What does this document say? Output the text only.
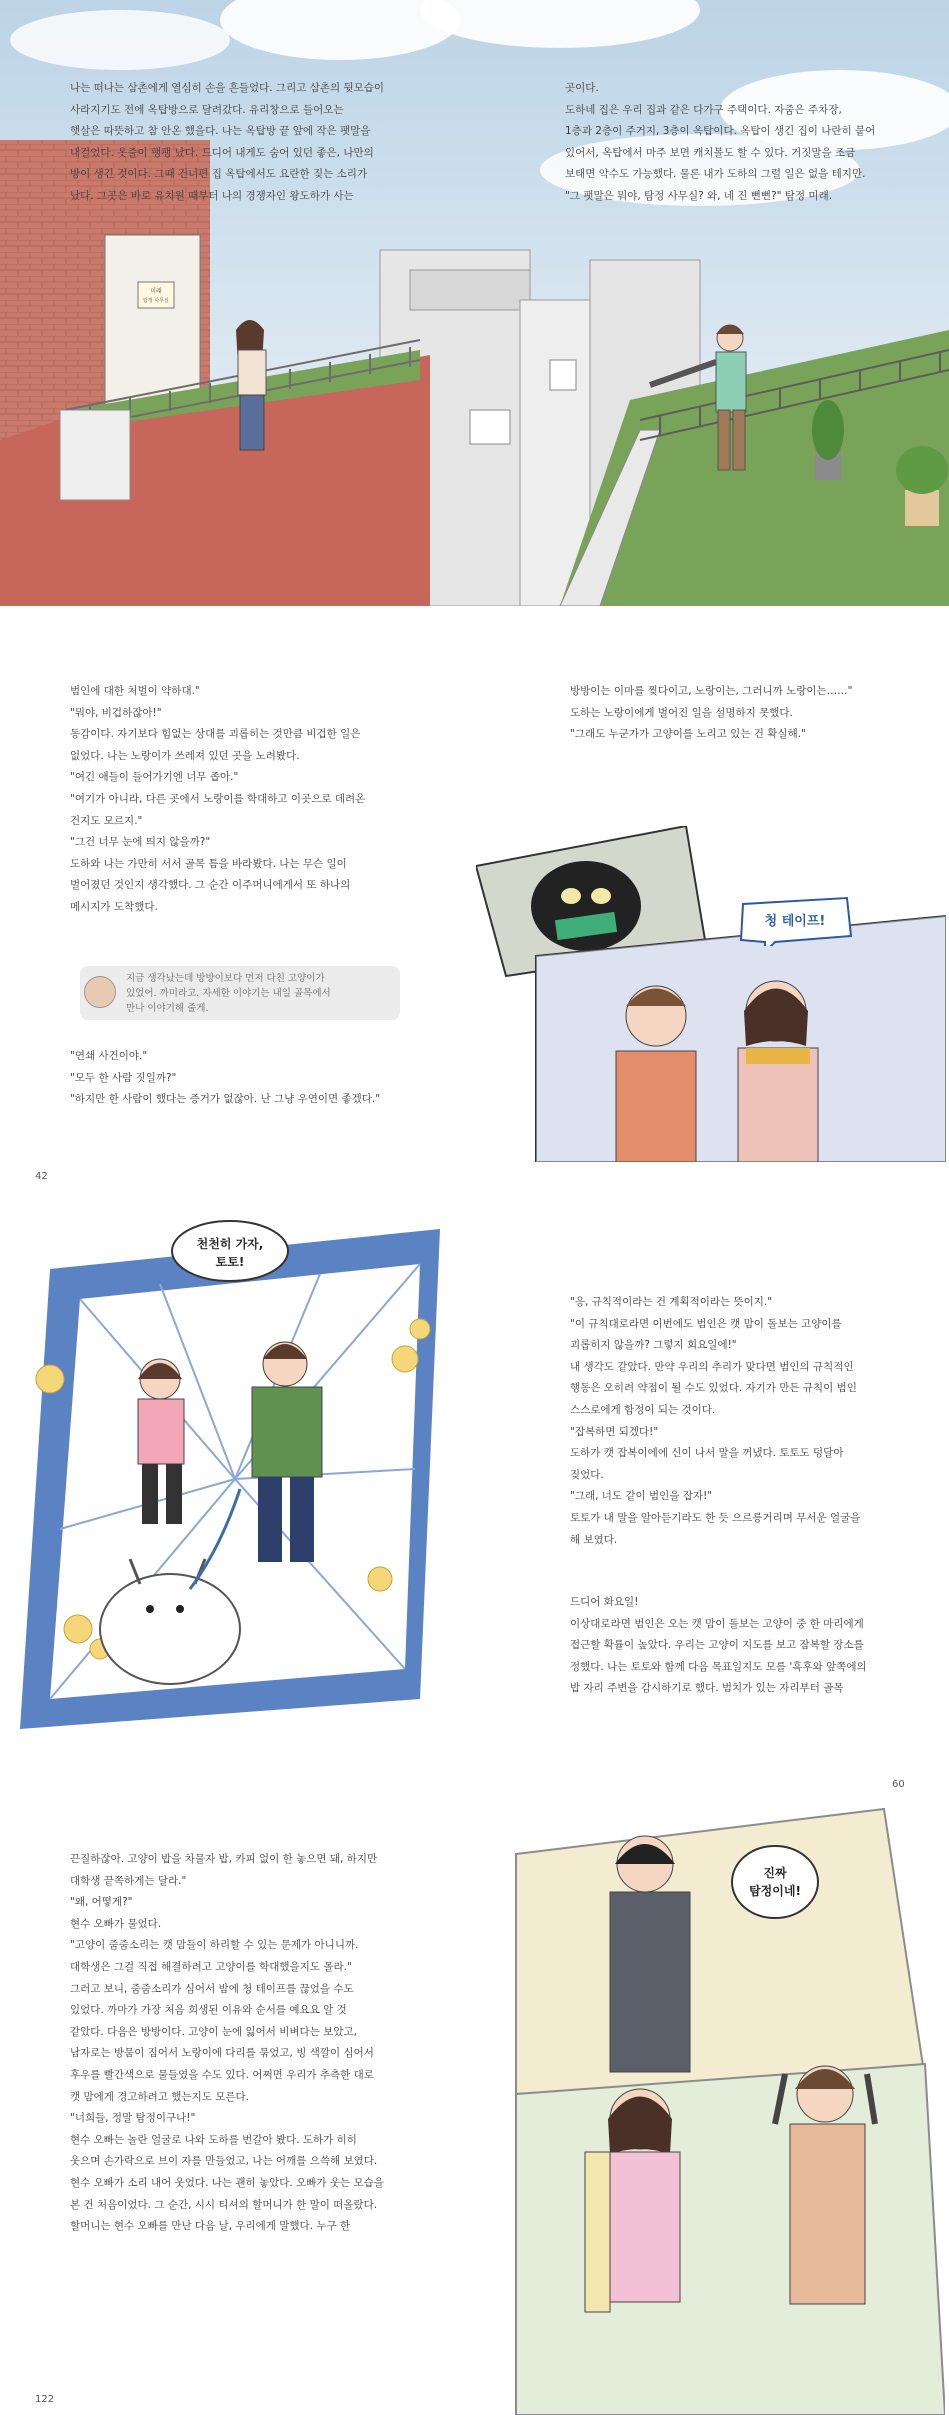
미래
탐정 사무실

나는 떠나는 삼촌에게 열심히 손을 흔들었다. 그리고 삼촌의 뒷모습이

사라지기도 전에 옥탑방으로 달려갔다. 유리창으로 들어오는

햇살은 따뜻하고 참 안온 했을다. 나는 옥탑방 끝 앞에 작은 팻말을

내걸었다. 옷줄이 팽팽 났다. 드디어 내게도 숨어 있던 좋은, 나만의

방이 생긴 것이다. 그때 건너편 집 옥탑에서도 요란한 짖는 소리가

났다. 그곳은 바로 유치원 때부터 나의 경쟁자인 왕도하가 사는

곳이다.

도하네 집은 우리 집과 같은 다가구 주택이다. 자줌은 주차장,

1층과 2층이 주거지, 3층이 옥탑이다. 옥탑이 생긴 집이 나란히 붙어

있어서, 옥탑에서 마주 보면 캐치볼도 할 수 있다. 거짓말을 조금

보태면 악수도 가능했다. 물론 내가 도하의 그럴 일은 없을 테지만.

"그 팻말은 뭐야, 탐정 사무실? 와, 네 진 뻔뻔?" 탐정 미래.

범인에 대한 처벌이 약하대."

"뭐야, 비겁하잖아!"

동감이다. 자기보다 힘없는 상대를 괴롭히는 것만큼 비겁한 일은

없었다. 나는 노랑이가 쓰레져 있던 곳을 노려봤다.

"여긴 애들이 들어가기엔 너무 좁아."

"여기가 아니라, 다른 곳에서 노랑이를 학대하고 이곳으로 데려온

건지도 모르지."

"그건 너무 눈에 띄지 않을까?"

도하와 나는 가만히 서서 골목 틈을 바라봤다. 나는 무슨 일이

벌어졌던 것인지 생각했다. 그 순간 이주머니에게서 또 하나의

메시지가 도착했다.

지금 생각났는데 방방이보다 먼저 다친 고양이가
있었어. 까미라고. 자세한 이야기는 내일 골목에서
만나 이야기해 줄게.

"연쇄 사건이야."

"모두 한 사람 짓일까?"

"하지만 한 사람이 했다는 증거가 없잖아. 난 그냥 우연이면 좋겠다."

42

방방이는 이마를 찢다이고, 노랑이는, 그러니까 노랑이는……"

도하는 노랑이에게 벌어진 일을 설명하지 못했다.

"그래도 누군가가 고양이를 노리고 있는 건 확실해."

청 테이프!
천천히 가자,
토토!

"응, 규칙적이라는 건 계획적이라는 뜻이지."

"이 규칙대로라면 이번에도 범인은 캣 맘이 돌보는 고양이를

괴롭히지 않을까? 그렇지 회요일에!"

내 생각도 같았다. 만약 우리의 추리가 맞다면 범인의 규칙적인

행동은 오히려 약점이 될 수도 있었다. 자기가 만든 규칙이 범인

스스로에게 함정이 되는 것이다.

"잡복하면 되겠다!"

도하가 캣 잡복이에에 신이 나서 말을 꺼냈다. 토토도 덩달아

짖었다.

"그래, 너도 같이 범인을 잡자!"

토토가 내 말을 알아듣기라도 한 듯 으르릉거리며 무서운 얼굴을

해 보였다.

드디어 화요일!

이상대로라면 범인은 오는 캣 맘이 돌보는 고양이 중 한 마리에게

접근할 확률이 높았다. 우리는 고양이 지도를 보고 잠복할 장소를

정했다. 나는 토토와 함께 다음 목표일지도 모를 '흑후와 앞쪽에의

밥 자리 주변을 감시하기로 했다. 범치가 있는 자리부터 골목

60

끈질하잖아. 고양이 밥을 차물자 밥, 카피 없이 한 놓으면 돼, 하지만

대학생 끝쪽하게는 달라."

"왜, 어떻게?"

현수 오빠가 물었다.

"고양이 줌줌소리는 캣 맘들이 하리할 수 있는 문제가 아니니까.

대학생은 그걸 직접 해결하려고 고양이를 학대했을지도 몰라."

그러고 보니, 줌줌소리가 심어서 밤에 청 테이프를 끊었을 수도

있었다. 까마가 가장 처음 희생된 이유와 순서를 예요요 알 것

같았다. 다음은 방방이다. 고양이 눈에 잃어서 비벼다는 보았고,

남자로는 방뭄이 짐어서 노랑이에 다리를 묶었고, 빙 색깔이 심어서

후우를 빨간색으로 물들였을 수도 있다. 어쩌면 우리가 추측한 대로

캣 맘에게 경고하려고 했는지도 모른다.

"너희들, 정말 탐정이구나!"

현수 오빠는 놀란 얼굴로 나와 도하를 번갈아 봤다. 도하가 히히

웃으며 손가락으로 브이 자를 만들었고, 나는 어깨를 으쓱해 보였다.

현수 오빠가 소리 내어 웃었다. 나는 괜히 놓았다. 오빠가 웃는 모습을

본 건 처음이었다. 그 순간, 시시 티셔의 할머니가 한 말이 떠올랐다.

할머니는 현수 오빠를 만난 다음 날, 우리에게 말했다. 누구 한

122
진짜
탐정이네!
